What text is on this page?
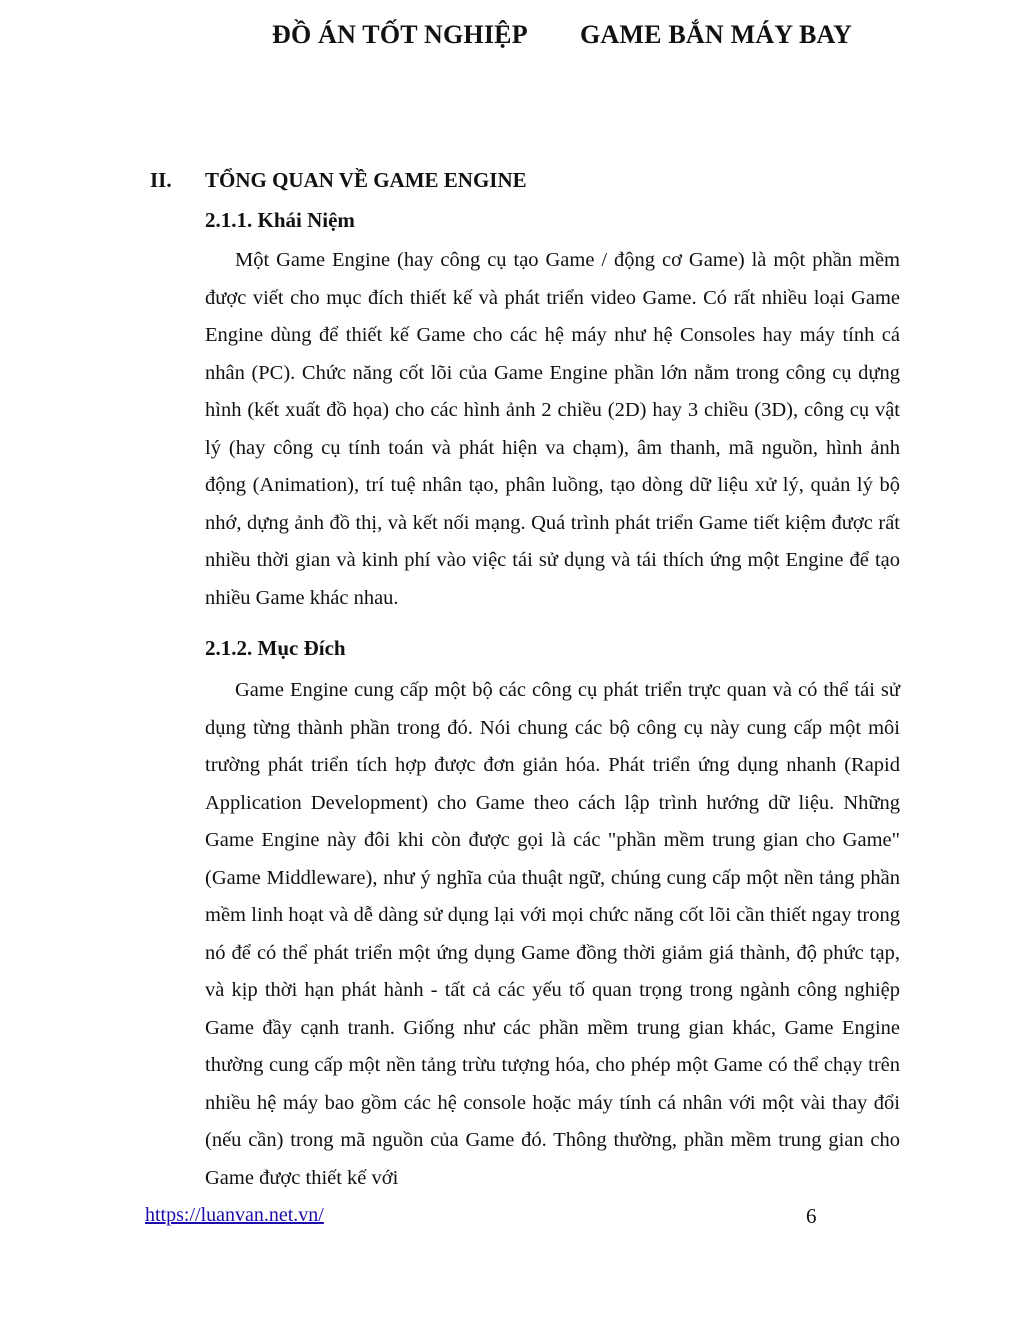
ĐỒ ÁN TỐT NGHIỆP GAME BẮN MÁY BAY
II. TỔNG QUAN VỀ GAME ENGINE
2.1.1. Khái Niệm

Một Game Engine (hay công cụ tạo Game / động cơ Game) là một phần mềm được viết cho mục đích thiết kế và phát triển video Game. Có rất nhiều loại Game Engine dùng để thiết kế Game cho các hệ máy như hệ Consoles hay máy tính cá nhân (PC). Chức năng cốt lõi của Game Engine phần lớn nằm trong công cụ dựng hình (kết xuất đồ họa) cho các hình ảnh 2 chiều (2D) hay 3 chiều (3D), công cụ vật lý (hay công cụ tính toán và phát hiện va chạm), âm thanh, mã nguồn, hình ảnh động (Animation), trí tuệ nhân tạo, phân luồng, tạo dòng dữ liệu xử lý, quản lý bộ nhớ, dựng ảnh đồ thị, và kết nối mạng. Quá trình phát triển Game tiết kiệm được rất nhiều thời gian và kinh phí vào việc tái sử dụng và tái thích ứng một Engine để tạo nhiều Game khác nhau.

2.1.2. Mục Đích

Game Engine cung cấp một bộ các công cụ phát triển trực quan và có thể tái sử dụng từng thành phần trong đó. Nói chung các bộ công cụ này cung cấp một môi trường phát triển tích hợp được đơn giản hóa. Phát triển ứng dụng nhanh (Rapid Application Development) cho Game theo cách lập trình hướng dữ liệu. Những Game Engine này đôi khi còn được gọi là các "phần mềm trung gian cho Game" (Game Middleware), như ý nghĩa của thuật ngữ, chúng cung cấp một nền tảng phần mềm linh hoạt và dễ dàng sử dụng lại với mọi chức năng cốt lõi cần thiết ngay trong nó để có thể phát triển một ứng dụng Game đồng thời giảm giá thành, độ phức tạp, và kịp thời hạn phát hành - tất cả các yếu tố quan trọng trong ngành công nghiệp Game đầy cạnh tranh. Giống như các phần mềm trung gian khác, Game Engine thường cung cấp một nền tảng trừu tượng hóa, cho phép một Game có thể chạy trên nhiều hệ máy bao gồm các hệ console hoặc máy tính cá nhân với một vài thay đổi (nếu cần) trong mã nguồn của Game đó. Thông thường, phần mềm trung gian cho Game được thiết kế với

https://luanvan.net.vn/	6
